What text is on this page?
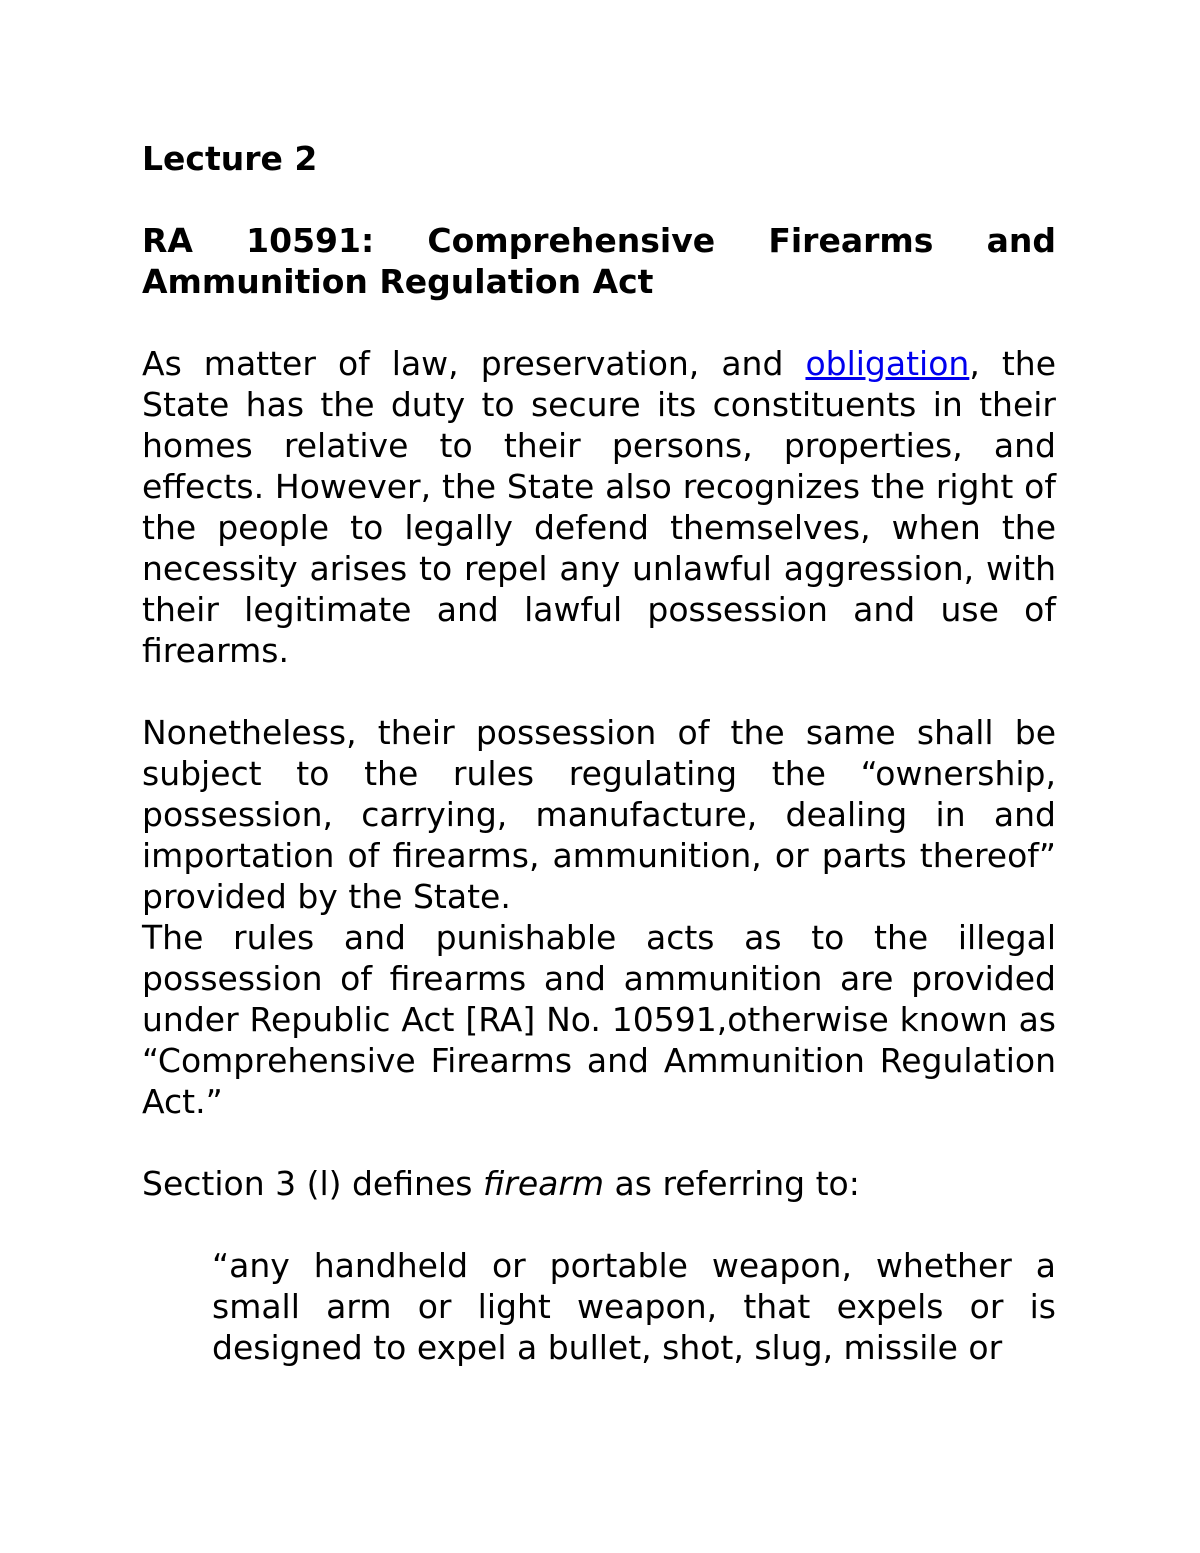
Lecture 2
RA 10591: Comprehensive Firearms and Ammunition Regulation Act

As matter of law, preservation, and obligation, the State has the duty to secure its constituents in their homes relative to their persons, properties, and effects. However, the State also recognizes the right of the people to legally defend themselves, when the necessity arises to repel any unlawful aggression, with their legitimate and lawful possession and use of firearms.

Nonetheless, their possession of the same shall be subject to the rules regulating the “ownership, possession, carrying, manufacture, dealing in and importation of firearms, ammunition, or parts thereof” provided by the State.

The rules and punishable acts as to the illegal possession of firearms and ammunition are provided under Republic Act [RA] No. 10591,otherwise known as “Comprehensive Firearms and Ammunition Regulation Act.”

Section 3 (l) defines firearm as referring to:

“any handheld or portable weapon, whether a small arm or light weapon, that expels or is designed to expel a bullet, shot, slug, missile or
